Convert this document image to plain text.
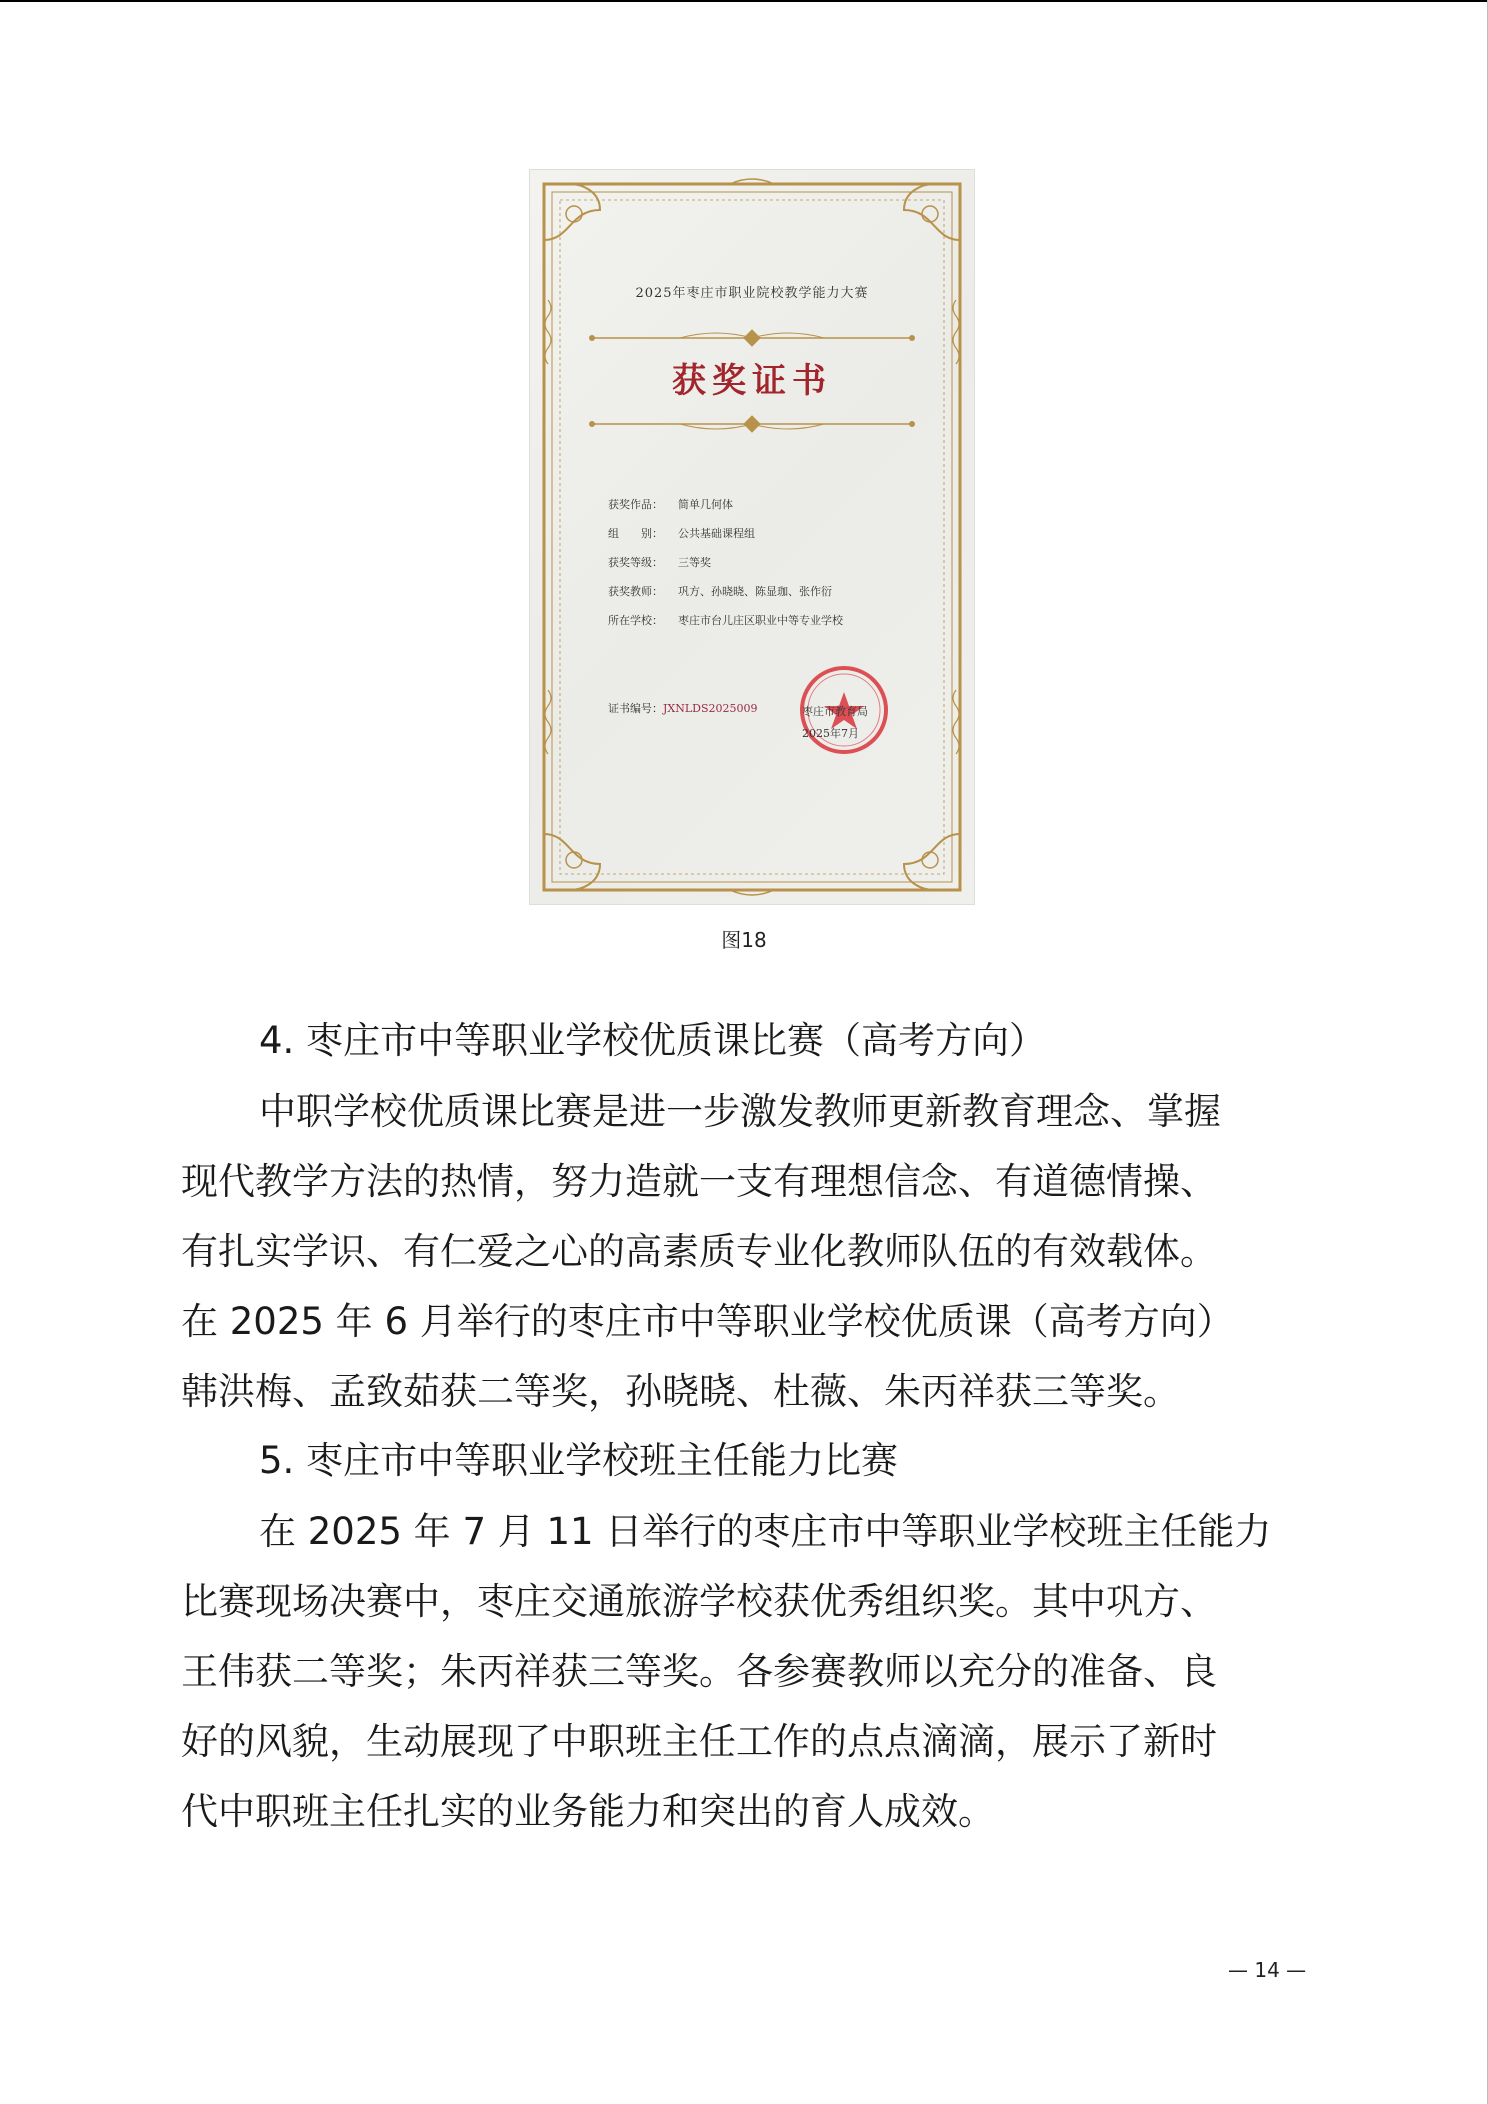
2025年枣庄市职业院校教学能力大赛
获奖证书
获奖作品： 简单几何体
组　　别： 公共基础课程组
获奖等级： 三等奖
获奖教师： 巩方、孙晓晓、陈显珈、张作衍
所在学校： 枣庄市台儿庄区职业中等专业学校
证书编号：JXNLDS2025009	枣庄市教育局
2025年7月
图18
4. 枣庄市中等职业学校优质课比赛（高考方向）
中职学校优质课比赛是进一步激发教师更新教育理念、掌握
现代教学方法的热情，努力造就一支有理想信念、有道德情操、
有扎实学识、有仁爱之心的高素质专业化教师队伍的有效载体。
在 2025 年 6 月举行的枣庄市中等职业学校优质课（高考方向）
韩洪梅、孟致茹获二等奖，孙晓晓、杜薇、朱丙祥获三等奖。
5. 枣庄市中等职业学校班主任能力比赛
在 2025 年 7 月 11 日举行的枣庄市中等职业学校班主任能力
比赛现场决赛中，枣庄交通旅游学校获优秀组织奖。其中巩方、
王伟获二等奖；朱丙祥获三等奖。各参赛教师以充分的准备、良
好的风貌，生动展现了中职班主任工作的点点滴滴，展示了新时
代中职班主任扎实的业务能力和突出的育人成效。
— 14 —
